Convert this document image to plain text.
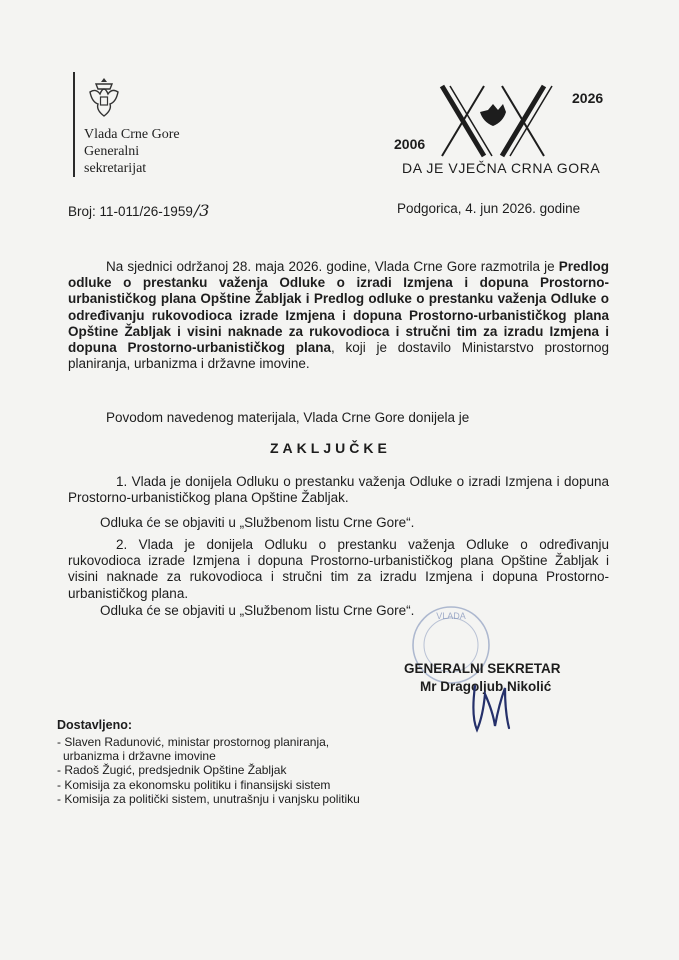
Vlada Crne Gore
Generalni
sekretarijat
2026
2006
DA JE VJEČNA CRNA GORA
Broj: 11-011/26-1959/3	Podgorica, 4. jun 2026. godine
Na sjednici održanoj 28. maja 2026. godine, Vlada Crne Gore razmotrila je Predlog odluke o prestanku važenja Odluke o izradi Izmjena i dopuna Prostorno-urbanističkog plana Opštine Žabljak i Predlog odluke o prestanku važenja Odluke o određivanju rukovodioca izrade Izmjena i dopuna Prostorno-urbanističkog plana Opštine Žabljak i visini naknade za rukovodioca i stručni tim za izradu Izmjena i dopuna Prostorno-urbanističkog plana, koji je dostavilo Ministarstvo prostornog planiranja, urbanizma i državne imovine.
Povodom navedenog materijala, Vlada Crne Gore donijela je
ZAKLJUČKE
1. Vlada je donijela Odluku o prestanku važenja Odluke o izradi Izmjena i dopuna Prostorno-urbanističkog plana Opštine Žabljak.
Odluka će se objaviti u „Službenom listu Crne Gore“.
2. Vlada je donijela Odluku o prestanku važenja Odluke o određivanju rukovodioca izrade Izmjena i dopuna Prostorno-urbanističkog plana Opštine Žabljak i visini naknade za rukovodioca i stručni tim za izradu Izmjena i dopuna Prostorno-urbanističkog plana.
Odluka će se objaviti u „Službenom listu Crne Gore“. VLADA
GENERALNI SEKRETAR
Mr Dragoljub Nikolić
Dostavljeno:
- Slaven Radunović, ministar prostornog planiranja, urbanizma i državne imovine
- Radoš Žugić, predsjednik Opštine Žabljak
- Komisija za ekonomsku politiku i finansijski sistem
- Komisija za politički sistem, unutrašnju i vanjsku politiku
